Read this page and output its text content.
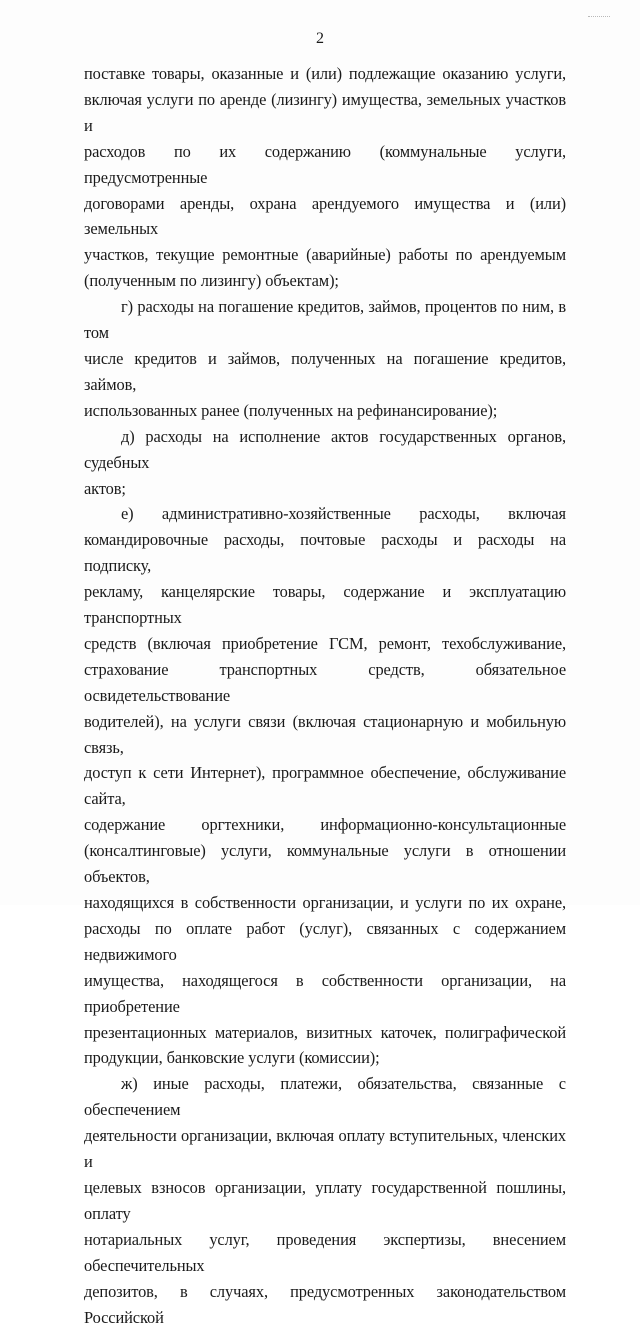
2

поставке товары, оказанные и (или) подлежащие оказанию услуги,

включая услуги по аренде (лизингу) имущества, земельных участков и

расходов по их содержанию (коммунальные услуги, предусмотренные

договорами аренды, охрана арендуемого имущества и (или) земельных

участков, текущие ремонтные (аварийные) работы по арендуемым

(полученным по лизингу) объектам);

г) расходы на погашение кредитов, займов, процентов по ним, в том

числе кредитов и займов, полученных на погашение кредитов, займов,

использованных ранее (полученных на рефинансирование);

д) расходы на исполнение актов государственных органов, судебных

актов;

е) административно-хозяйственные расходы, включая

командировочные расходы, почтовые расходы и расходы на подписку,

рекламу, канцелярские товары, содержание и эксплуатацию транспортных

средств (включая приобретение ГСМ, ремонт, техобслуживание,

страхование транспортных средств, обязательное освидетельствование

водителей), на услуги связи (включая стационарную и мобильную связь,

доступ к сети Интернет), программное обеспечение, обслуживание сайта,

содержание оргтехники, информационно-консультационные

(консалтинговые) услуги, коммунальные услуги в отношении объектов,

находящихся в собственности организации, и услуги по их охране,

расходы по оплате работ (услуг), связанных с содержанием недвижимого

имущества, находящегося в собственности организации, на приобретение

презентационных материалов, визитных каточек, полиграфической

продукции, банковские услуги (комиссии);

ж) иные расходы, платежи, обязательства, связанные с обеспечением

деятельности организации, включая оплату вступительных, членских и

целевых взносов организации, уплату государственной пошлины, оплату

нотариальных услуг, проведения экспертизы, внесением обеспечительных

депозитов, в случаях, предусмотренных законодательством Российской
